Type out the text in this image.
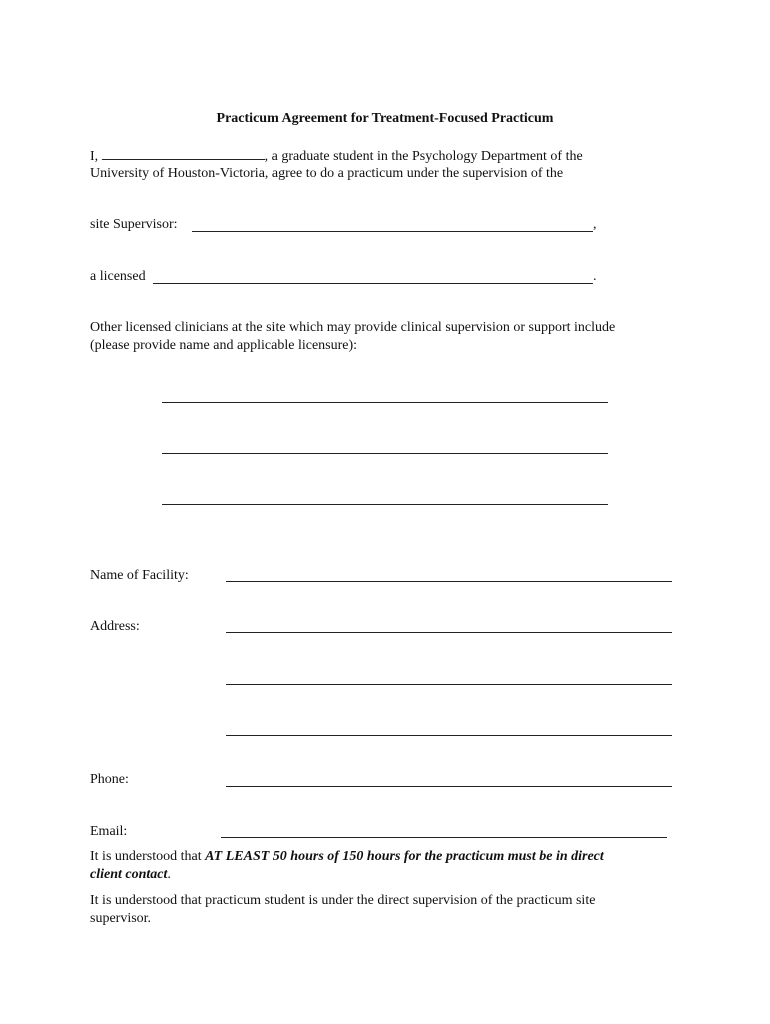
Practicum Agreement for Treatment-Focused Practicum
I,	, a graduate student in the Psychology Department of the
University of Houston-Victoria, agree to do a practicum under the supervision of the
site Supervisor:	,
a licensed	.
Other licensed clinicians at the site which may provide clinical supervision or support include
(please provide name and applicable licensure):
Name of Facility:
Address:
Phone:
Email:
It is understood that AT LEAST 50 hours of 150 hours for the practicum must be in direct
client contact.
It is understood that practicum student is under the direct supervision of the practicum site
supervisor.
